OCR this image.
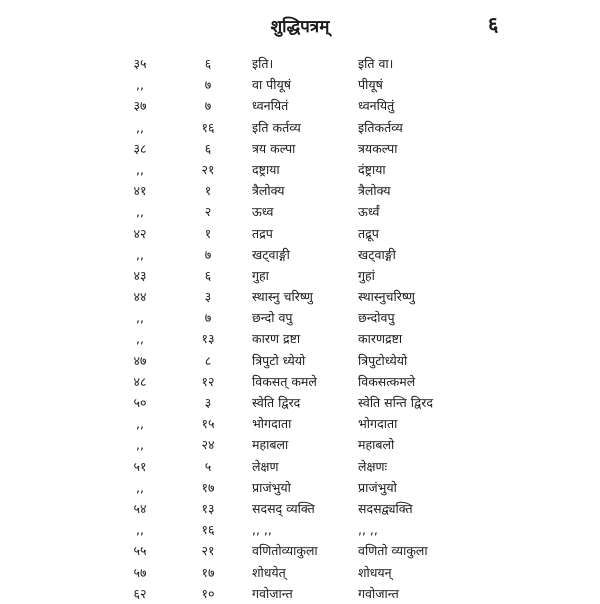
शुद्धिपत्रम्	६
३५	६	इति।	इति वा।
,,	७	वा पीयूषं	पीयूषं
३७	७	ध्वनयितं	ध्वनयितुं
,,	१६	इति कर्तव्य	इतिकर्तव्य
३८	६	त्रय कल्पा	त्रयकल्पा
,,	२१	दष्ट्राया	दंष्ट्राया
४१	१	त्रैलोक्य	त्रैलोक्य
,,	२	ऊध्व	ऊर्ध्वं
४२	१	तद्रप	तद्रूप
,,	७	खट्वाङ्गी	खट्वाङ्गी
४३	६	गुहा	गुहां
४४	३	स्थास्नु चरिष्णु	स्थास्नुचरिष्णु
,,	७	छन्दो वपु	छन्दोवपु
,,	१३	कारण द्रष्टा	कारणद्रष्टा
४७	८	त्रिपुटो ध्येयो	त्रिपुटोध्येयो
४८	१२	विकसत् कमले	विकसत्कमले
५०	३	स्वेति द्विरद	स्वेति सन्ति द्विरद
,,	१५	भोगदाता	भोगदाता
,,	२४	महाबला	महाबलो
५१	५	लेक्षण	लेक्षणः
,,	१७	प्राजंभुयो	प्राजंभुयो
५४	१३	सदसद् व्यक्ति	सदसद्व्यक्ति
,,	१६	,, ,,	,, ,,
५५	२१	वणितोव्याकुला	वणितो व्याकुला
५७	१७	शोधयेत्	शोधयन्
६२	१०	गवोजान्त	गवोजान्त
